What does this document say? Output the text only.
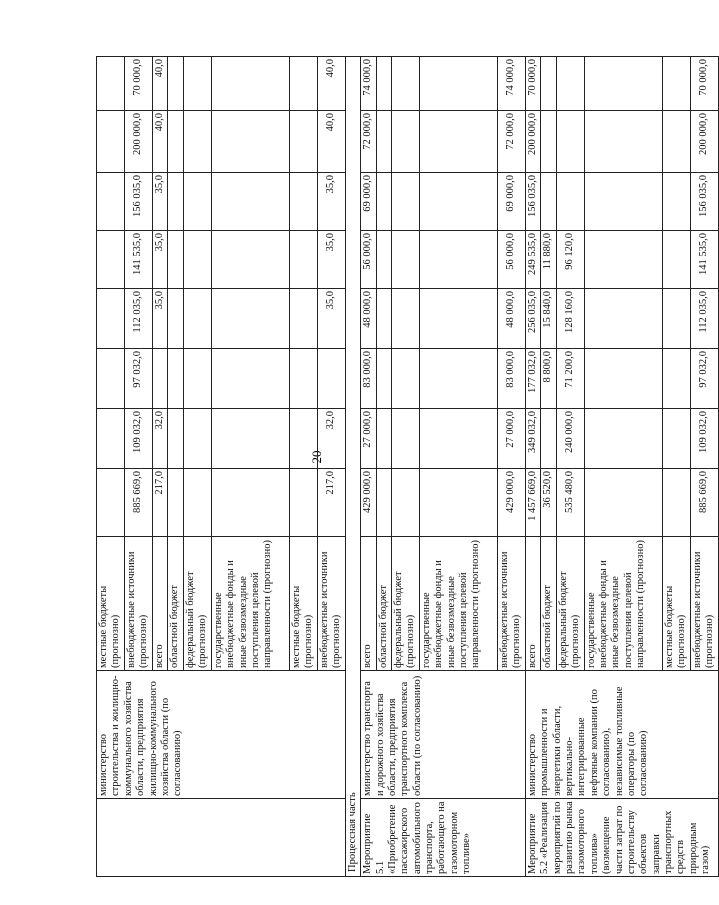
20
	министерство строительства и жилищно-коммунального хозяйства области, предприятия жилищно-коммунального хозяйства области (по согласованию)	местные бюджеты (прогнозно)								
		внебюджетные источники (прогнозно)	885 669,0	109 032,0	97 032,0	112 035,0	141 535,0	156 035,0	200 000,0	70 000,0
		всего	217,0	32,0		35,0	35,0	35,0	40,0	40,0
		областной бюджет								
		федеральный бюджет (прогнозно)								
		государственные внебюджетные фонды и иные безвозмездные поступления целевой направленности (прогнозно)								
		местные бюджеты (прогнозно)								
		внебюджетные источники (прогнозно)	217,0	32,0		35,0	35,0	35,0	40,0	40,0
Процессная часть										
Мероприятие 5.1 «Приобретение пассажирского автомобильного транспорта, работающего на газомоторном топливе»	министерство транспорта и дорожного хозяйства области, предприятия транспортного комплекса области (по согласованию)	всего	429 000,0	27 000,0	83 000,0	48 000,0	56 000,0	69 000,0	72 000,0	74 000,0
		областной бюджет								
		федеральный бюджет (прогнозно)								
		государственные внебюджетные фонды и иные безвозмездные поступления целевой направленности (прогнозно)								
		внебюджетные источники (прогнозно)	429 000,0	27 000,0	83 000,0	48 000,0	56 000,0	69 000,0	72 000,0	74 000,0
Мероприятие 5.2 «Реализация мероприятий по развитию рынка газомоторного топлива» (возмещение части затрат по строительству объектов заправки транспортных средств природным газом)	министерство промышленности и энергетики области, вертикально-интегрированные нефтяные компании (по согласованию), независимые топливные операторы (по согласованию)	всего	1 457 669,0	349 032,0	177 032,0	256 035,0	249 535,0	156 035,0	200 000,0	70 000,0
		областной бюджет	36 520,0		8 800,0	15 840,0	11 880,0			
		федеральный бюджет (прогнозно)	535 480,0	240 000,0	71 200,0	128 160,0	96 120,0			
		государственные внебюджетные фонды и иные безвозмездные поступления целевой направленности (прогнозно)								
		местные бюджеты (прогнозно)								
		внебюджетные источники (прогнозно)	885 669,0	109 032,0	97 032,0	112 035,0	141 535,0	156 035,0	200 000,0	70 000,0
